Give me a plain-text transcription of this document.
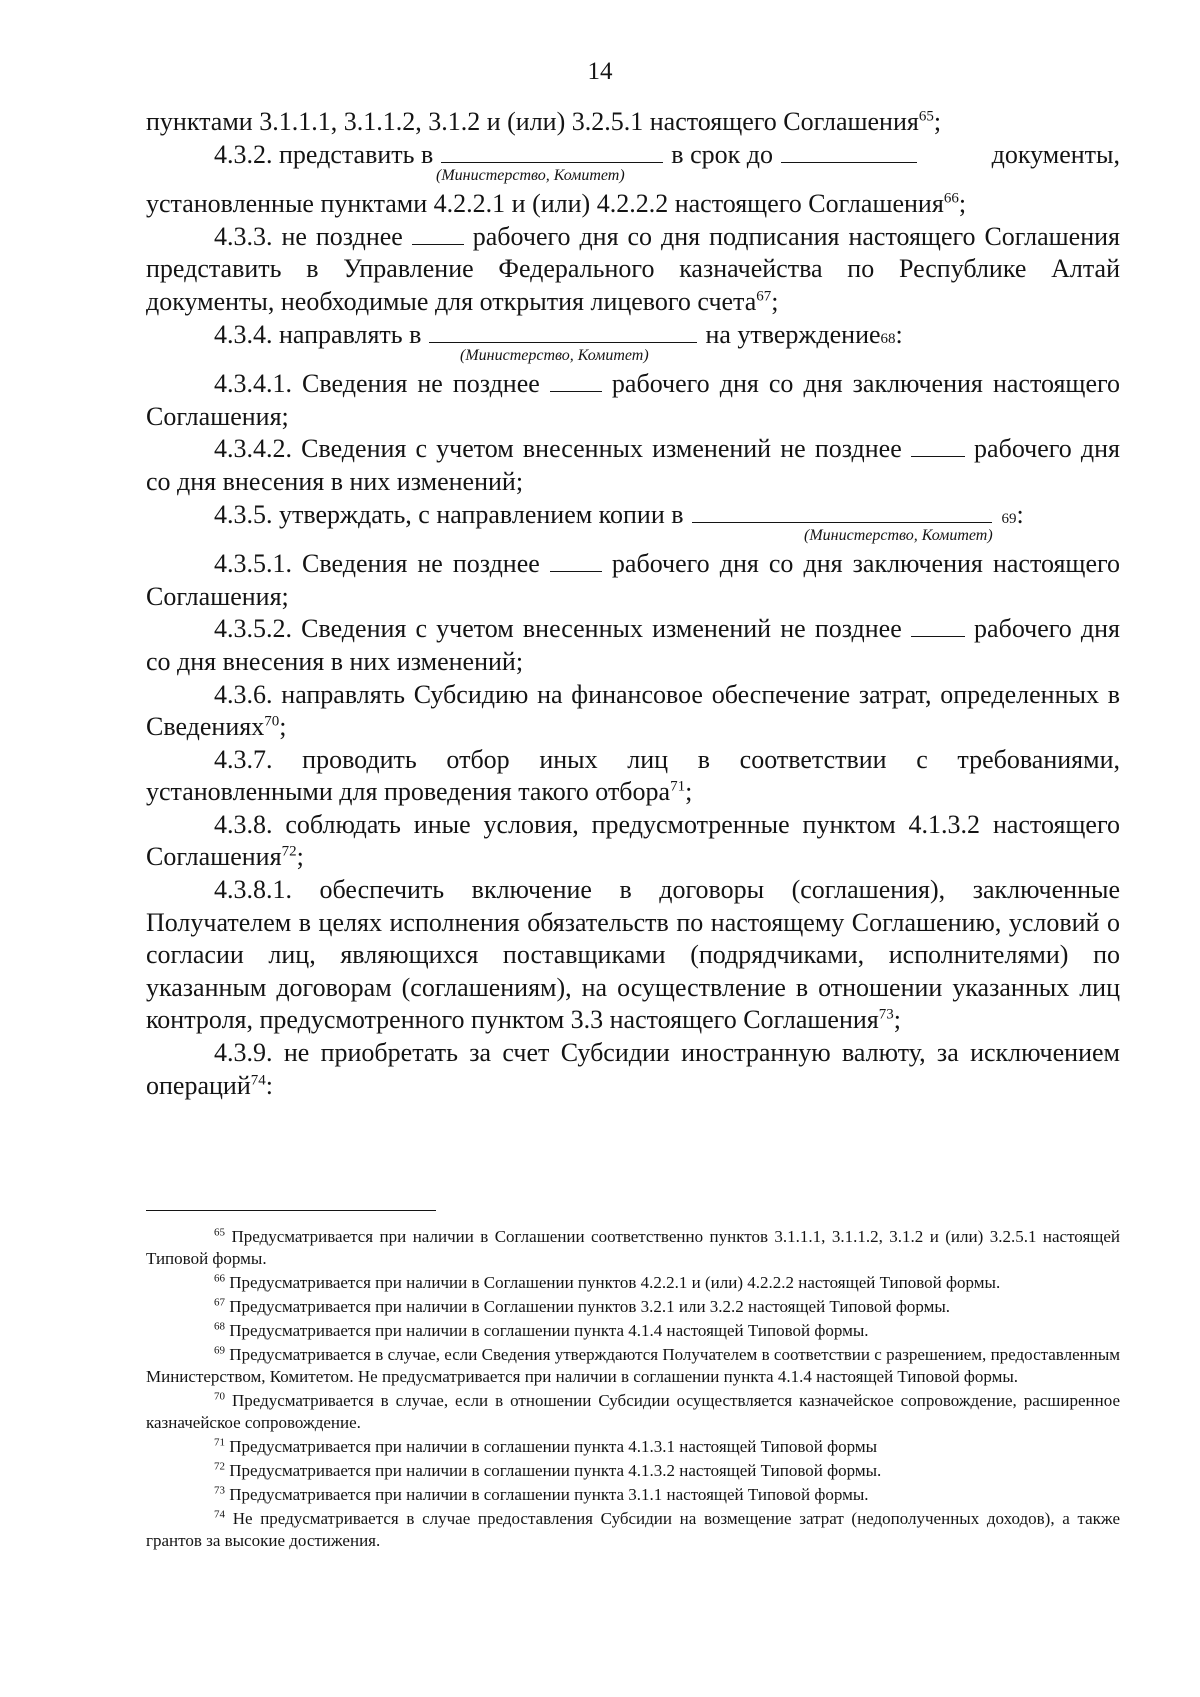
14

пунктами 3.1.1.1, 3.1.1.2, 3.1.2 и (или) 3.2.5.1 настоящего Соглашения$^{65}$;

4.3.2. представить в	в срок до	документы,
(Министерство, Комитет)

установленные пунктами 4.2.2.1 и (или) 4.2.2.2 настоящего Соглашения$^{66}$;

4.3.3. не позднее	рабочего дня со дня подписания настоящего Соглашения представить в Управление Федерального казначейства по Республике Алтай документы, необходимые для открытия лицевого счета$^{67}$;

4.3.4. направлять в	на утверждение 68 :
(Министерство, Комитет)

4.3.4.1. Сведения не позднее	рабочего дня со дня заключения настоящего Соглашения;

4.3.4.2. Сведения с учетом внесенных изменений не позднее	рабочего дня со дня внесения в них изменений;

4.3.5. утверждать, с направлением копии в	69 :
(Министерство, Комитет)

4.3.5.1. Сведения не позднее	рабочего дня со дня заключения настоящего Соглашения;

4.3.5.2. Сведения с учетом внесенных изменений не позднее	рабочего дня со дня внесения в них изменений;

4.3.6. направлять Субсидию на финансовое обеспечение затрат, определенных в Сведениях$^{70}$;

4.3.7. проводить отбор иных лиц в соответствии с требованиями, установленными для проведения такого отбора$^{71}$;

4.3.8. соблюдать иные условия, предусмотренные пунктом 4.1.3.2 настоящего Соглашения$^{72}$;

4.3.8.1. обеспечить включение в договоры (соглашения), заключенные Получателем в целях исполнения обязательств по настоящему Соглашению, условий о согласии лиц, являющихся поставщиками (подрядчиками, исполнителями) по указанным договорам (соглашениям), на осуществление в отношении указанных лиц контроля, предусмотренного пунктом 3.3 настоящего Соглашения$^{73}$;

4.3.9. не приобретать за счет Субсидии иностранную валюту, за исключением операций$^{74}$:

$^{65}$ Предусматривается при наличии в Соглашении соответственно пунктов 3.1.1.1, 3.1.1.2, 3.1.2 и (или) 3.2.5.1 настоящей Типовой формы.

$^{66}$ Предусматривается при наличии в Соглашении пунктов 4.2.2.1 и (или) 4.2.2.2 настоящей Типовой формы.

$^{67}$ Предусматривается при наличии в Соглашении пунктов 3.2.1 или 3.2.2 настоящей Типовой формы.

$^{68}$ Предусматривается при наличии в соглашении пункта 4.1.4 настоящей Типовой формы.

$^{69}$ Предусматривается в случае, если Сведения утверждаются Получателем в соответствии с разрешением, предоставленным Министерством, Комитетом. Не предусматривается при наличии в соглашении пункта 4.1.4 настоящей Типовой формы.

$^{70}$ Предусматривается в случае, если в отношении Субсидии осуществляется казначейское сопровождение, расширенное казначейское сопровождение.

$^{71}$ Предусматривается при наличии в соглашении пункта 4.1.3.1 настоящей Типовой формы

$^{72}$ Предусматривается при наличии в соглашении пункта 4.1.3.2 настоящей Типовой формы.

$^{73}$ Предусматривается при наличии в соглашении пункта 3.1.1 настоящей Типовой формы.

$^{74}$ Не предусматривается в случае предоставления Субсидии на возмещение затрат (недополученных доходов), а также грантов за высокие достижения.
